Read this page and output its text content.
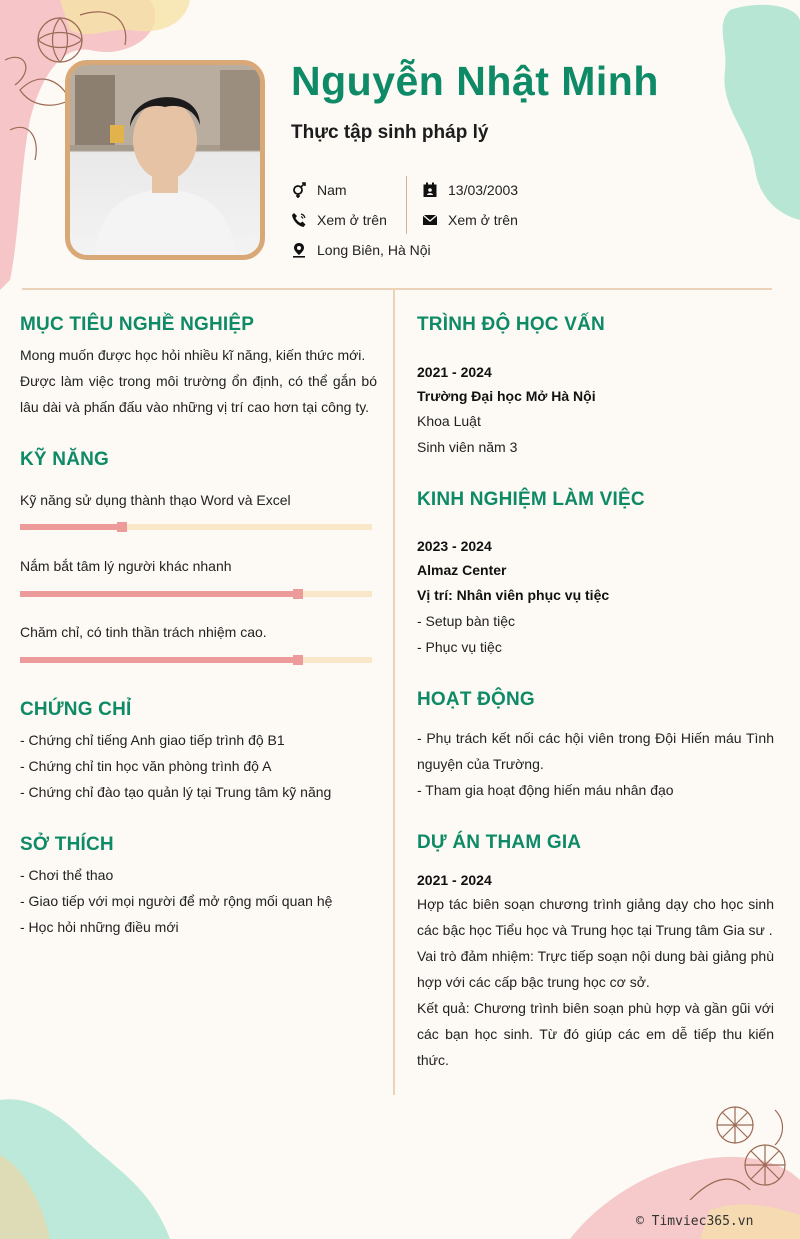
Nguyễn Nhật Minh
Thực tập sinh pháp lý
Nam
Xem ở trên
Long Biên, Hà Nội
13/03/2003
Xem ở trên
MỤC TIÊU NGHỀ NGHIỆP
Mong muốn được học hỏi nhiều kĩ năng, kiến thức mới.
Được làm việc trong môi trường ổn định, có thể gắn bó
lâu dài và phấn đấu vào những vị trí cao hơn tại công ty.
KỸ NĂNG
Kỹ năng sử dụng thành thạo Word và Excel
Nắm bắt tâm lý người khác nhanh
Chăm chỉ, có tinh thần trách nhiệm cao.
CHỨNG CHỈ
- Chứng chỉ tiếng Anh giao tiếp trình độ B1
- Chứng chỉ tin học văn phòng trình độ A
- Chứng chỉ đào tạo quản lý tại Trung tâm kỹ năng
SỞ THÍCH
- Chơi thể thao
- Giao tiếp với mọi người để mở rộng mối quan hệ
- Học hỏi những điều mới
TRÌNH ĐỘ HỌC VẤN
2021 - 2024
Trường Đại học Mở Hà Nội
Khoa Luật
Sinh viên năm 3
KINH NGHIỆM LÀM VIỆC
2023 - 2024
Almaz Center
Vị trí: Nhân viên phục vụ tiệc
- Setup bàn tiệc
- Phục vụ tiệc
HOẠT ĐỘNG
- Phụ trách kết nối các hội viên trong Đội Hiến máu Tình
nguyện của Trường.
- Tham gia hoạt động hiến máu nhân đạo
DỰ ÁN THAM GIA
2021 - 2024
Hợp tác biên soạn chương trình giảng dạy cho học sinh
các bậc học Tiểu học và Trung học tại Trung tâm Gia sư .
Vai trò đảm nhiệm: Trực tiếp soạn nội dung bài giảng phù
hợp với các cấp bậc trung học cơ sở.
Kết quả: Chương trình biên soạn phù hợp và gần gũi với
các bạn học sinh. Từ đó giúp các em dễ tiếp thu kiến
thức.
© Timviec365.vn
